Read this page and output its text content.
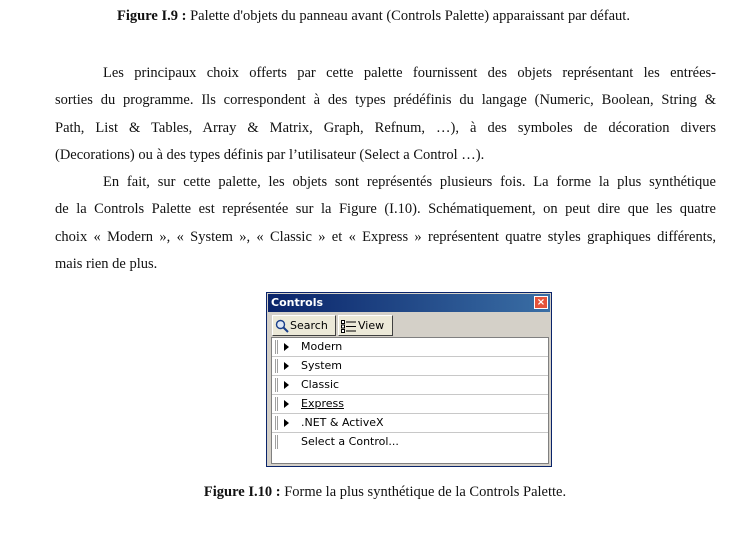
Figure I.9 : Palette d'objets du panneau avant (Controls Palette) apparaissant par défaut.
Les principaux choix offerts par cette palette fournissent des objets représentant les entrées-
sorties du programme. Ils correspondent à des types prédéfinis du langage (Numeric, Boolean, String &
Path, List & Tables, Array & Matrix, Graph, Refnum, …), à des symboles de décoration divers
(Decorations) ou à des types définis par l’utilisateur (Select a Control …).
En fait, sur cette palette, les objets sont représentés plusieurs fois. La forme la plus synthétique
de la Controls Palette est représentée sur la Figure (I.10). Schématiquement, on peut dire que les quatre
choix « Modern », « System », « Classic » et « Express » représentent quatre styles graphiques différents,
mais rien de plus.
Controls	×
Search	View
Modern
System
Classic
Express
.NET & ActiveX
Select a Control...
Figure I.10 : Forme la plus synthétique de la Controls Palette.
